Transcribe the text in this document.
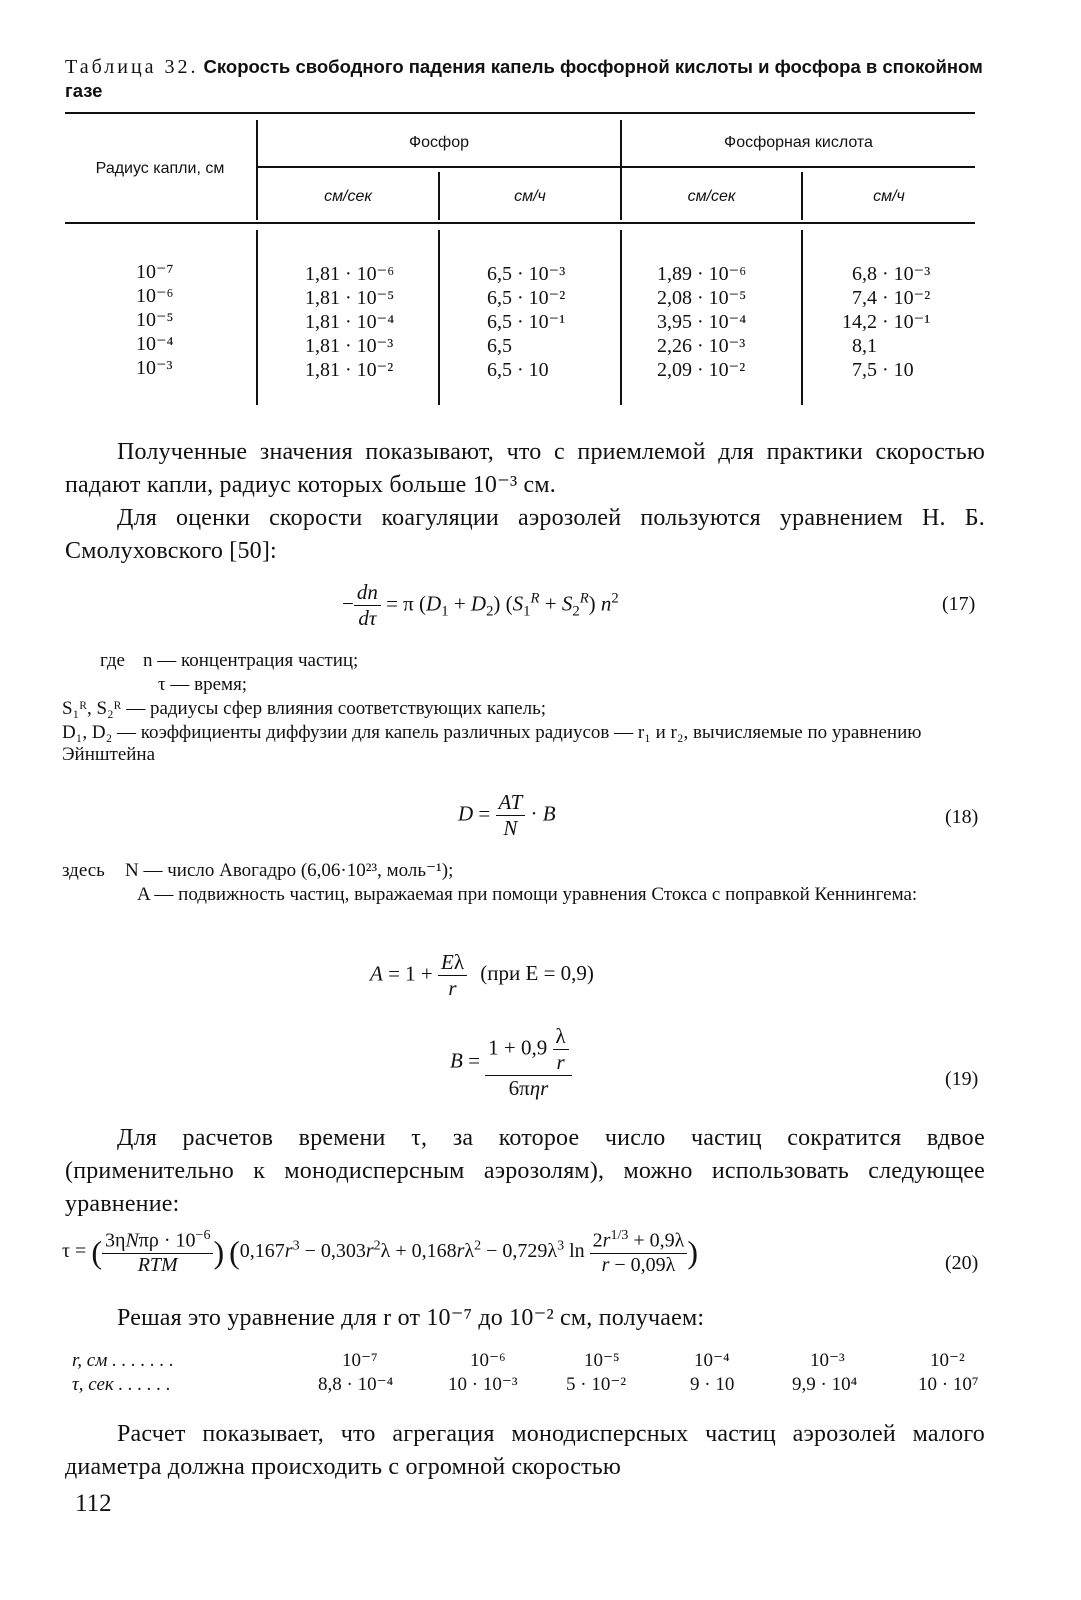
Таблица 32. Скорость свободного падения капель фосфорной кислоты и фосфора в спокойном газе
Радиус капли, см
Фосфор	Фосфорная кислота
см/сек	см/ч	см/сек	см/ч
10⁻⁷	1,81 · 10⁻⁶	6,5 · 10⁻³	1,89 · 10⁻⁶	6,8 · 10⁻³
10⁻⁶	1,81 · 10⁻⁵	6,5 · 10⁻²	2,08 · 10⁻⁵	7,4 · 10⁻²
10⁻⁵	1,81 · 10⁻⁴	6,5 · 10⁻¹	3,95 · 10⁻⁴	14,2 · 10⁻¹
10⁻⁴	1,81 · 10⁻³	6,5	2,26 · 10⁻³	8,1
10⁻³	1,81 · 10⁻²	6,5 · 10	2,09 · 10⁻²	7,5 · 10
Полученные значения показывают, что с приемлемой для практики скоростью падают капли, радиус которых больше 10⁻³ см.
Для оценки скорости коагуляции аэрозолей пользуются уравнением Н. Б. Смолуховского [50]:
− $\frac{dn}{d\tau} = \pi$ $(D_1 + D_2) (S_1^R + S_2^R)$ $n^2$	(17)
где n — концентрация частиц;
τ — время;
S₁ᴿ, S₂ᴿ — радиусы сфер влияния соответствующих капель;
D₁, D₂ — коэффициенты диффузии для капель различных радиусов — r₁ и r₂, вычисляемые по уравнению Эйнштейна
$D = \frac{AT}{N} \cdot B$	(18)
здесь N — число Авогадро (6,06·10²³, моль⁻¹);
A — подвижность частиц, выражаемая при помощи уравнения Стокса с поправкой Кеннингема:
$A = 1 + \frac{E\lambda}{r} (при$ E = 0,9)
$B = \frac{1 + 0,9 \frac{\lambda}{r}}{\text{6πηr}}$	(19)
Для расчетов времени τ, за которое число частиц сократится вдвое (применительно к монодисперсным аэрозолям), можно использовать следующее уравнение:
τ = ( $\frac{3\eta N\pi\rho \cdot 10^{-6}}{\text{RTM}}$ ) ($0,167r^3 - 0,303r^2\lambda + 0,168r\lambda^2 - 0,729\lambda^3$ $\ln \frac{2r^{1/3} + 0,9\lambda}{r - 0,09\lambda}$ )	(20)
Решая это уравнение для r от 10⁻⁷ до 10⁻² см, получаем:
r, см . . . . . . .	10⁻⁷	10⁻⁶	10⁻⁵	10⁻⁴	10⁻³	10⁻²
τ, сек . . . . . .	8,8 · 10⁻⁴	10 · 10⁻³	5 · 10⁻²	9 · 10	9,9 · 10⁴	10 · 10⁷
Расчет показывает, что агрегация монодисперсных частиц аэрозолей малого диаметра должна происходить с огромной скоростью
112
